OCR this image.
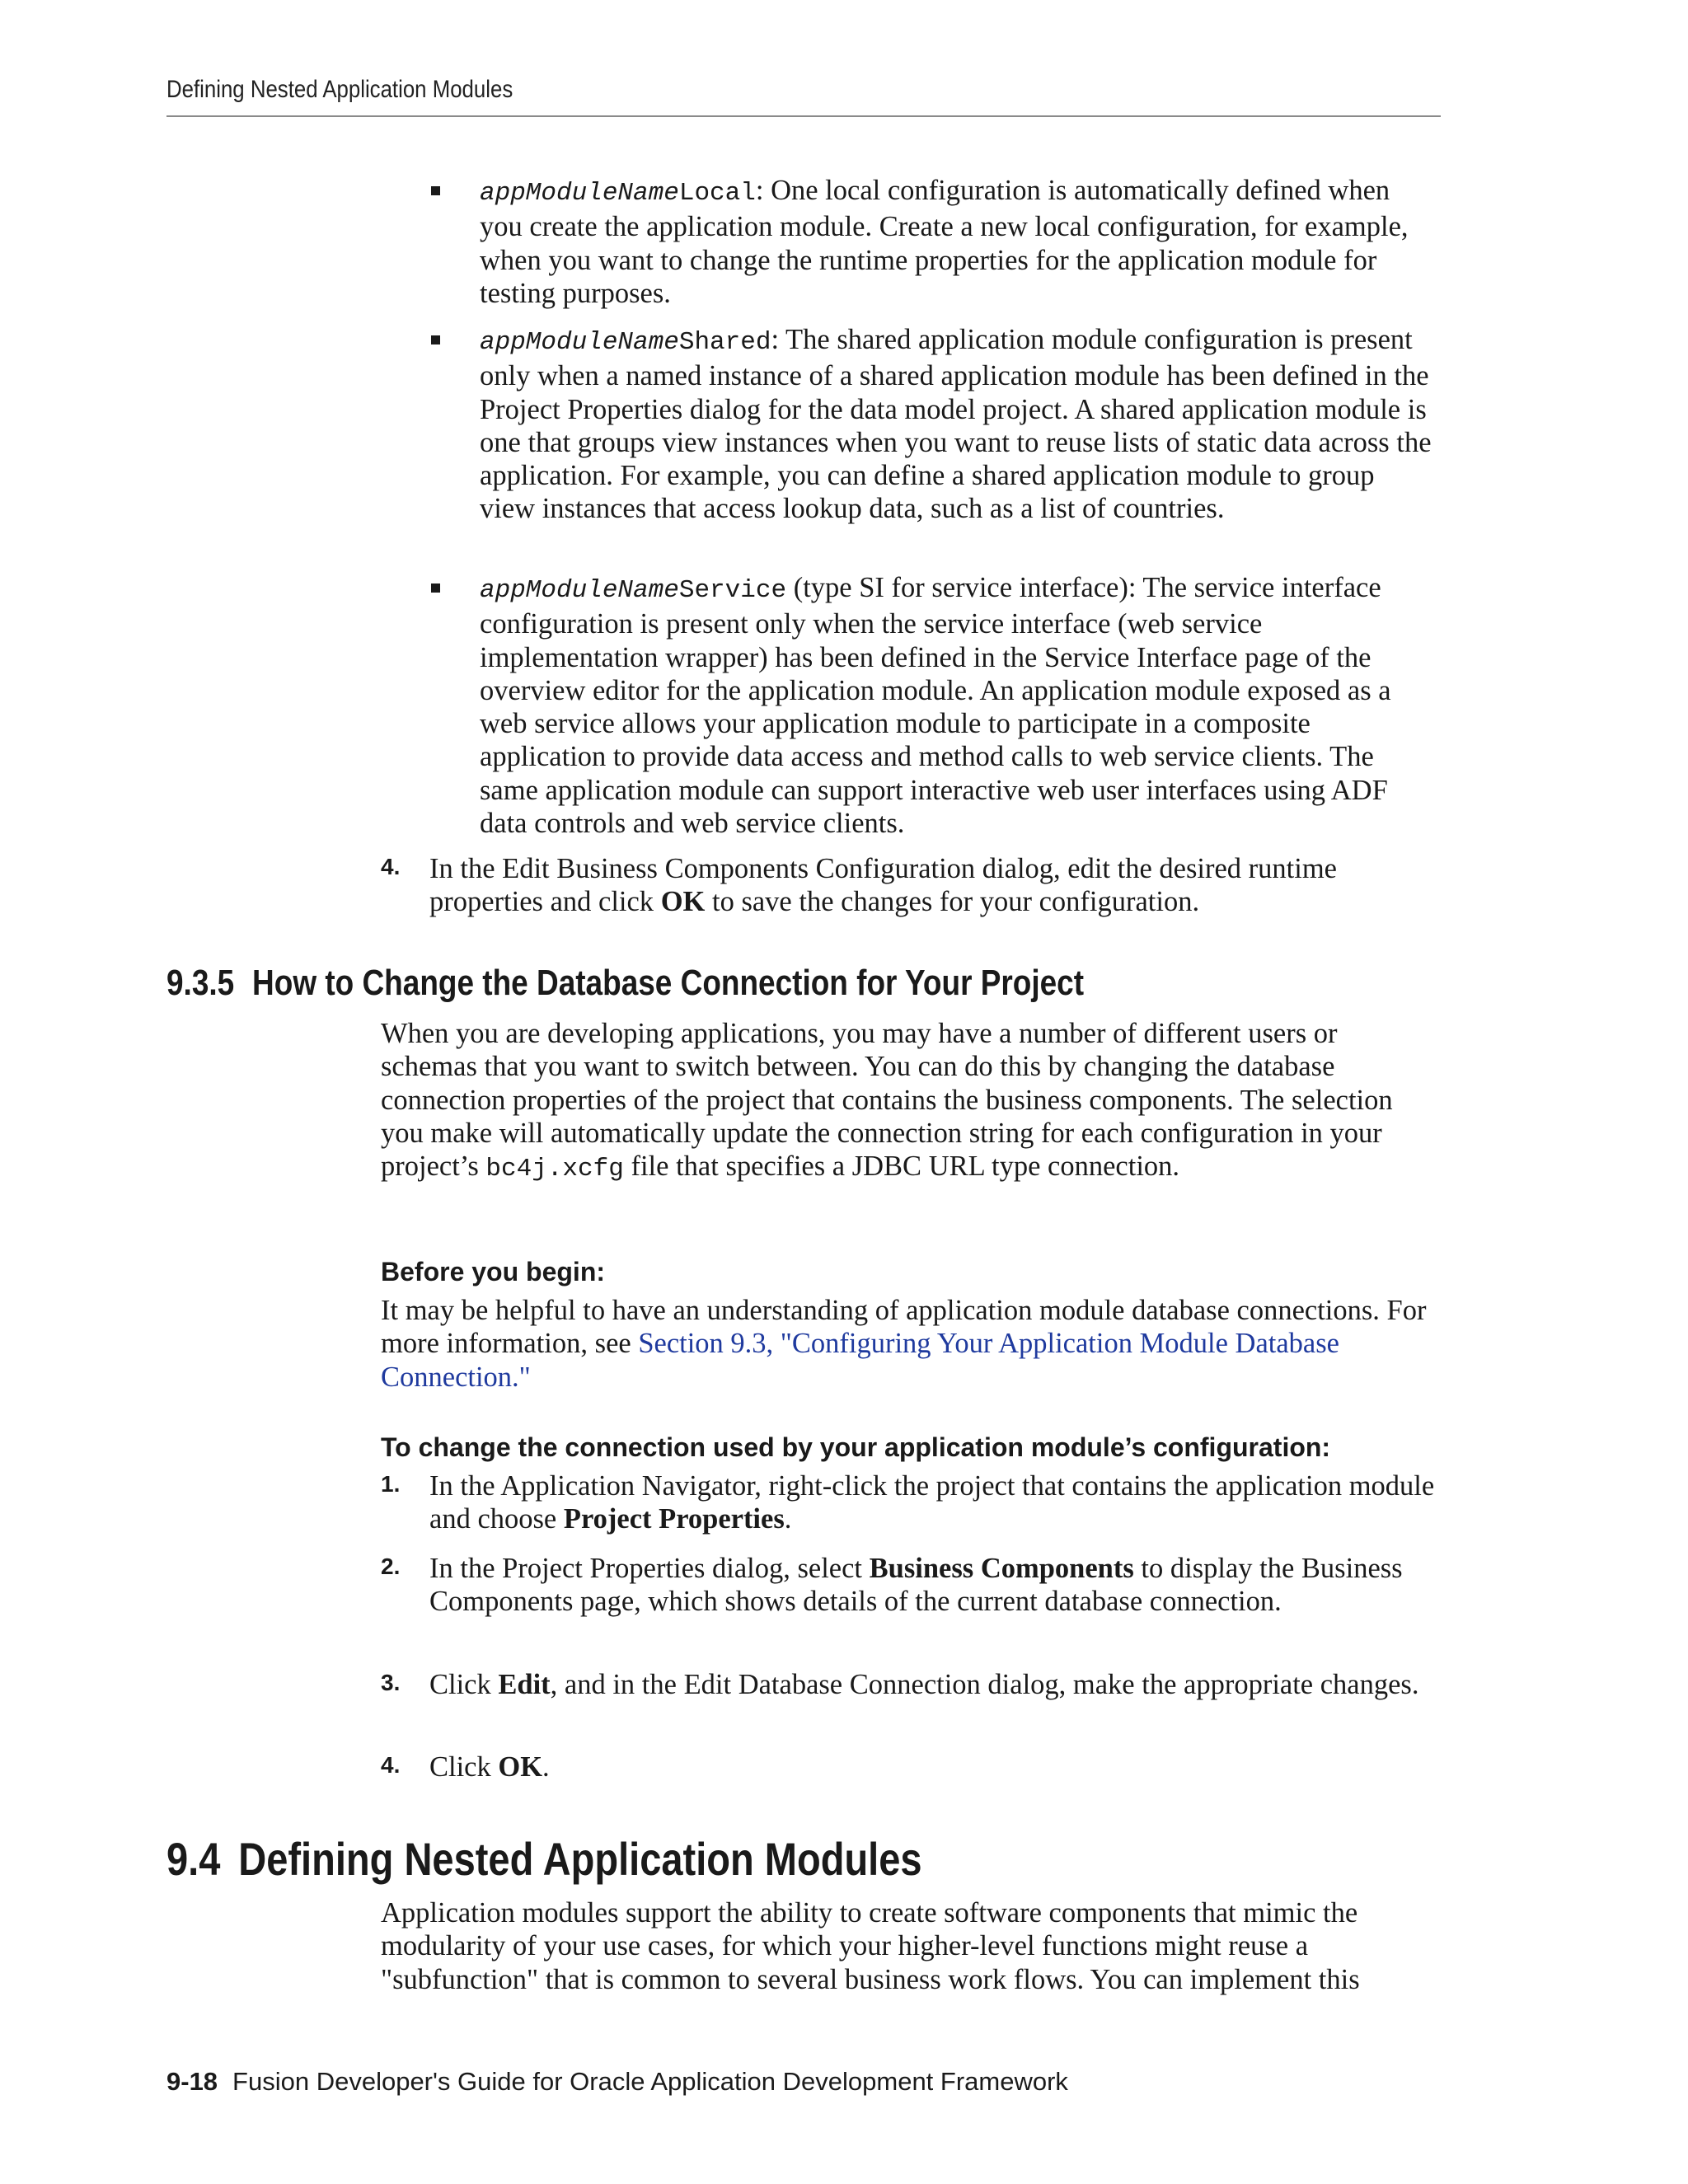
Defining Nested Application Modules
appModuleNameLocal: One local configuration is automatically defined when you create the application module. Create a new local configuration, for example, when you want to change the runtime properties for the application module for testing purposes.
appModuleNameShared: The shared application module configuration is present only when a named instance of a shared application module has been defined in the Project Properties dialog for the data model project. A shared application module is one that groups view instances when you want to reuse lists of static data across the application. For example, you can define a shared application module to group view instances that access lookup data, such as a list of countries.
appModuleNameService (type SI for service interface): The service interface configuration is present only when the service interface (web service implementation wrapper) has been defined in the Service Interface page of the overview editor for the application module. An application module exposed as a web service allows your application module to participate in a composite application to provide data access and method calls to web service clients. The same application module can support interactive web user interfaces using ADF data controls and web service clients.
4. In the Edit Business Components Configuration dialog, edit the desired runtime properties and click OK to save the changes for your configuration.
9.3.5 How to Change the Database Connection for Your Project
When you are developing applications, you may have a number of different users or schemas that you want to switch between. You can do this by changing the database connection properties of the project that contains the business components. The selection you make will automatically update the connection string for each configuration in your project’s bc4j.xcfg file that specifies a JDBC URL type connection.
Before you begin:
It may be helpful to have an understanding of application module database connections. For more information, see Section 9.3, "Configuring Your Application Module Database Connection."
To change the connection used by your application module’s configuration:
1. In the Application Navigator, right-click the project that contains the application module and choose Project Properties.
2. In the Project Properties dialog, select Business Components to display the Business Components page, which shows details of the current database connection.
3. Click Edit, and in the Edit Database Connection dialog, make the appropriate changes.
4. Click OK.
9.4 Defining Nested Application Modules
Application modules support the ability to create software components that mimic the modularity of your use cases, for which your higher-level functions might reuse a "subfunction" that is common to several business work flows. You can implement this
9-18 Fusion Developer's Guide for Oracle Application Development Framework
